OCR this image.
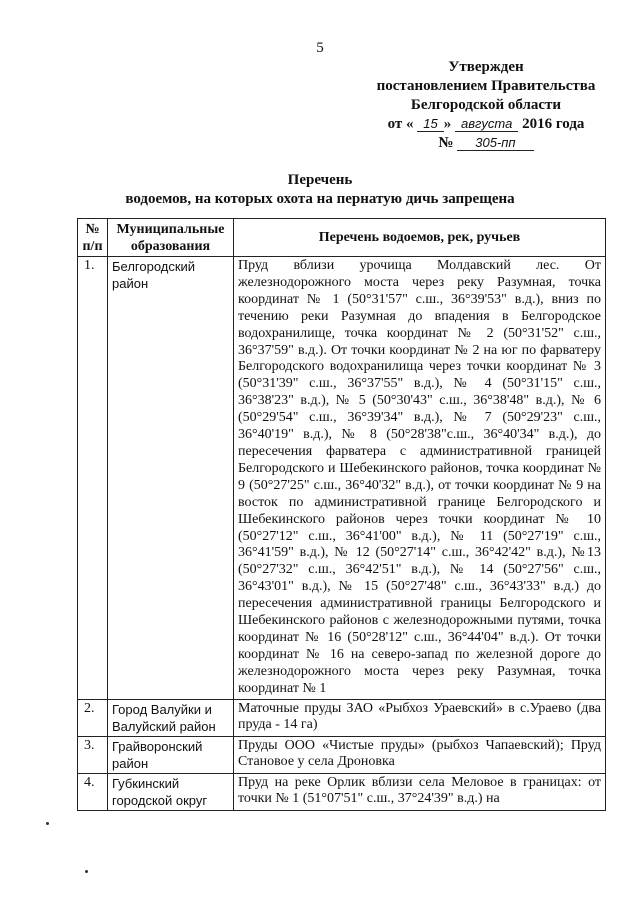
5
Утвержден
постановлением Правительства
Белгородской области
от « 15 » августа 2016 года
№ 305-пп
Перечень
водоемов, на которых охота на пернатую дичь запрещена
№ п/п	Муниципальные образования	Перечень водоемов, рек, ручьев
1.	Белгородский район	Пруд вблизи урочища Молдавский лес. От железнодорожного моста через реку Разумная, точка координат № 1 (50°31'57" с.ш., 36°39'53" в.д.), вниз по течению реки Разумная до впадения в Белгородское водохранилище, точка координат № 2 (50°31'52" с.ш., 36°37'59" в.д.). От точки координат № 2 на юг по фарватеру Белгородского водохранилища через точки координат № 3 (50°31'39" с.ш., 36°37'55" в.д.), № 4 (50°31'15" с.ш., 36°38'23" в.д.), № 5 (50°30'43" с.ш., 36°38'48" в.д.), № 6 (50°29'54" с.ш., 36°39'34" в.д.), № 7 (50°29'23" с.ш., 36°40'19" в.д.), № 8 (50°28'38"с.ш., 36°40'34" в.д.), до пересечения фарватера с административной границей Белгородского и Шебекинского районов, точка координат № 9 (50°27'25" с.ш., 36°40'32" в.д.), от точки координат № 9 на восток по административной границе Белгородского и Шебекинского районов через точки координат № 10 (50°27'12" с.ш., 36°41'00" в.д.), № 11 (50°27'19" с.ш., 36°41'59" в.д.), № 12 (50°27'14" с.ш., 36°42'42" в.д.), №13 (50°27'32" с.ш., 36°42'51" в.д.), № 14 (50°27'56" с.ш., 36°43'01" в.д.), № 15 (50°27'48" с.ш., 36°43'33" в.д.) до пересечения административной границы Белгородского и Шебекинского районов с железнодорожными путями, точка координат № 16 (50°28'12" с.ш., 36°44'04" в.д.). От точки координат № 16 на северо-запад по железной дороге до железнодорожного моста через реку Разумная, точка координат № 1
2.	Город Валуйки и Валуйский район	Маточные пруды ЗАО «Рыбхоз Ураевский» в с.Ураево (два пруда - 14 га)
3.	Грайворонский район	Пруды ООО «Чистые пруды» (рыбхоз Чапаевский); Пруд Становое у села Дроновка
4.	Губкинский городской округ	Пруд на реке Орлик вблизи села Меловое в границах: от точки № 1 (51°07'51" с.ш., 37°24'39" в.д.) на
